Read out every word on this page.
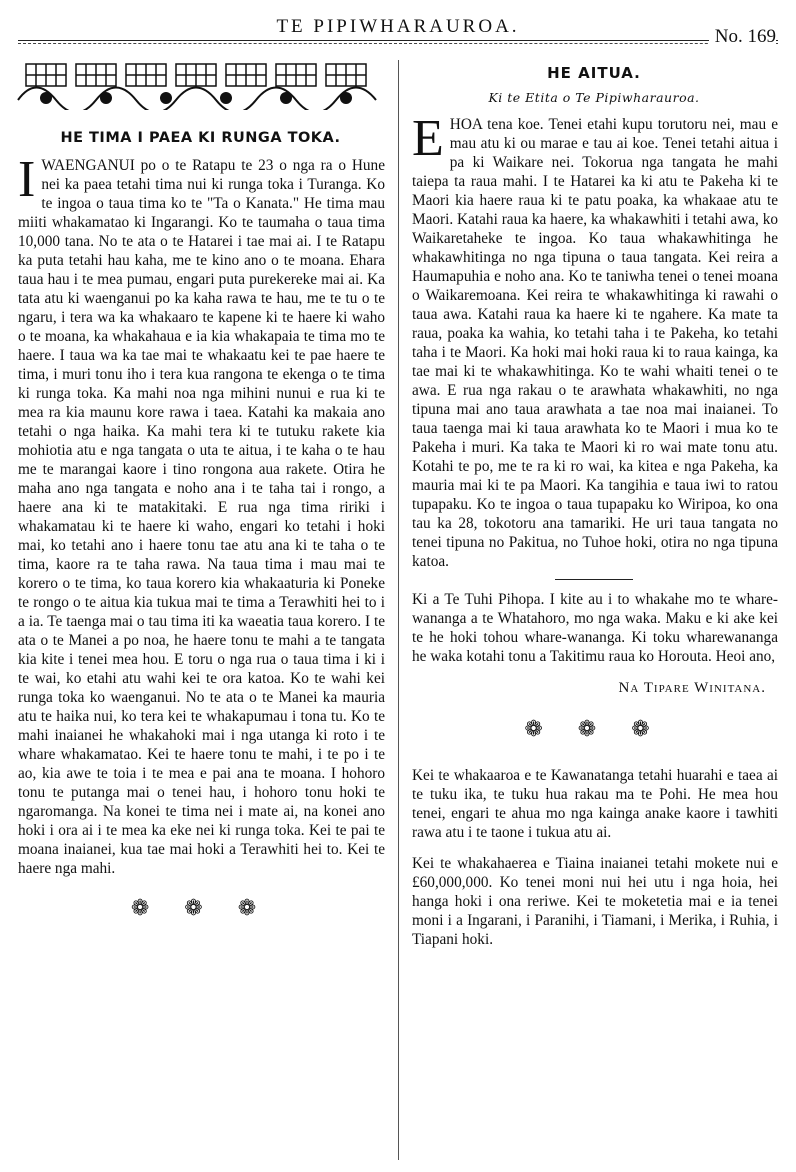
TE PIPIWHARAUROA.	No. 169
HE TIMA I PAEA KI RUNGA TOKA.

IWAENGANUI po o te Ratapu te 23 o nga ra o Hune nei ka paea tetahi tima nui ki runga toka i Turanga. Ko te ingoa o taua tima ko te "Ta o Kanata." He tima mau miiti whakamatao ki Ingarangi. Ko te taumaha o taua tima 10,000 tana. No te ata o te Hatarei i tae mai ai. I te Ratapu ka puta tetahi hau kaha, me te kino ano o te moana. Ehara taua hau i te mea pumau, engari puta purekereke mai ai. Ka tata atu ki waenganui po ka kaha rawa te hau, me te tu o te ngaru, i tera wa ka whakaaro te kapene ki te haere ki waho o te moana, ka whakahaua e ia kia whakapaia te tima mo te haere. I taua wa ka tae mai te whakaatu kei te pae haere te tima, i muri tonu iho i tera kua rangona te ekenga o te tima ki runga toka. Ka mahi noa nga mihini nunui e rua ki te mea ra kia maunu kore rawa i taea. Katahi ka makaia ano tetahi o nga haika. Ka mahi tera ki te tutuku rakete kia mohiotia atu e nga tangata o uta te aitua, i te kaha o te hau me te marangai kaore i tino rongona aua rakete. Otira he maha ano nga tangata e noho ana i te taha tai i rongo, a haere ana ki te matakitaki. E rua nga tima ririki i whakamatau ki te haere ki waho, engari ko tetahi i hoki mai, ko tetahi ano i haere tonu tae atu ana ki te taha o te tima, kaore ra te taha rawa. Na taua tima i mau mai te korero o te tima, ko taua korero kia whakaaturia ki Poneke te rongo o te aitua kia tukua mai te tima a Terawhiti hei to i a ia. Te taenga mai o tau tima iti ka waeatia taua korero. I te ata o te Manei a po noa, he haere tonu te mahi a te tangata kia kite i tenei mea hou. E toru o nga rua o taua tima i ki i te wai, ko etahi atu wahi kei te ora katoa. Ko te wahi kei runga toka ko waenganui. No te ata o te Manei ka mauria atu te haika nui, ko tera kei te whakapumau i tona tu. Ko te mahi inaianei he whakahoki mai i nga utanga ki roto i te whare whakamatao. Kei te haere tonu te mahi, i te po i te ao, kia awe te toia i te mea e pai ana te moana. I hohoro tonu te putanga mai o tenei hau, i hohoro tonu hoki te ngaromanga. Na konei te tima nei i mate ai, na konei ano hoki i ora ai i te mea ka eke nei ki runga toka. Kei te pai te moana inaianei, kua tae mai hoki a Terawhiti hei to. Kei te haere nga mahi.

❁ ❁ ❁
HE AITUA.
Ki te Etita o Te Pipiwharauroa.

EHOA tena koe. Tenei etahi kupu torutoru nei, mau e mau atu ki ou marae e tau ai koe. Tenei tetahi aitua i pa ki Waikare nei. Tokorua nga tangata he mahi taiepa ta raua mahi. I te Hatarei ka ki atu te Pakeha ki te Maori kia haere raua ki te patu poaka, ka whakaae atu te Maori. Katahi raua ka haere, ka whakawhiti i tetahi awa, ko Waikaretaheke te ingoa. Ko taua whakawhitinga he whakawhitinga no nga tipuna o taua tangata. Kei reira a Haumapuhia e noho ana. Ko te taniwha tenei o tenei moana o Waikaremoana. Kei reira te whakawhitinga ki rawahi o taua awa. Katahi raua ka haere ki te ngahere. Ka mate ta raua, poaka ka wahia, ko tetahi taha i te Pakeha, ko tetahi taha i te Maori. Ka hoki mai hoki raua ki to raua kainga, ka tae mai ki te whakawhitinga. Ko te wahi whaiti tenei o te awa. E rua nga rakau o te arawhata whakawhiti, no nga tipuna mai ano taua arawhata a tae noa mai inaianei. To taua taenga mai ki taua arawhata ko te Maori i mua ko te Pakeha i muri. Ka taka te Maori ki ro wai mate tonu atu. Kotahi te po, me te ra ki ro wai, ka kitea e nga Pakeha, ka mauria mai ki te pa Maori. Ka tangihia e taua iwi to ratou tupapaku. Ko te ingoa o taua tupapaku ko Wiripoa, ko ona tau ka 28, tokotoru ana tamariki. He uri taua tangata no tenei tipuna no Pakitua, no Tuhoe hoki, otira no nga tipuna katoa.

Ki a Te Tuhi Pihopa. I kite au i to whakahe mo te whare-wananga a te Whatahoro, mo nga waka. Maku e ki ake kei te he hoki tohou whare-wananga. Ki toku wharewananga he waka kotahi tonu a Takitimu raua ko Horouta. Heoi ano,

Na Tipare Winitana.
❁ ❁ ❁

Kei te whakaaroa e te Kawanatanga tetahi huarahi e taea ai te tuku ika, te tuku hua rakau ma te Pohi. He mea hou tenei, engari te ahua mo nga kainga anake kaore i tawhiti rawa atu i te taone i tukua atu ai.

Kei te whakahaerea e Tiaina inaianei tetahi mokete nui e £60,000,000. Ko tenei moni nui hei utu i nga hoia, hei hanga hoki i ona reriwe. Kei te moketetia mai e ia tenei moni i a Ingarani, i Paranihi, i Tiamani, i Merika, i Ruhia, i Tiapani hoki.
